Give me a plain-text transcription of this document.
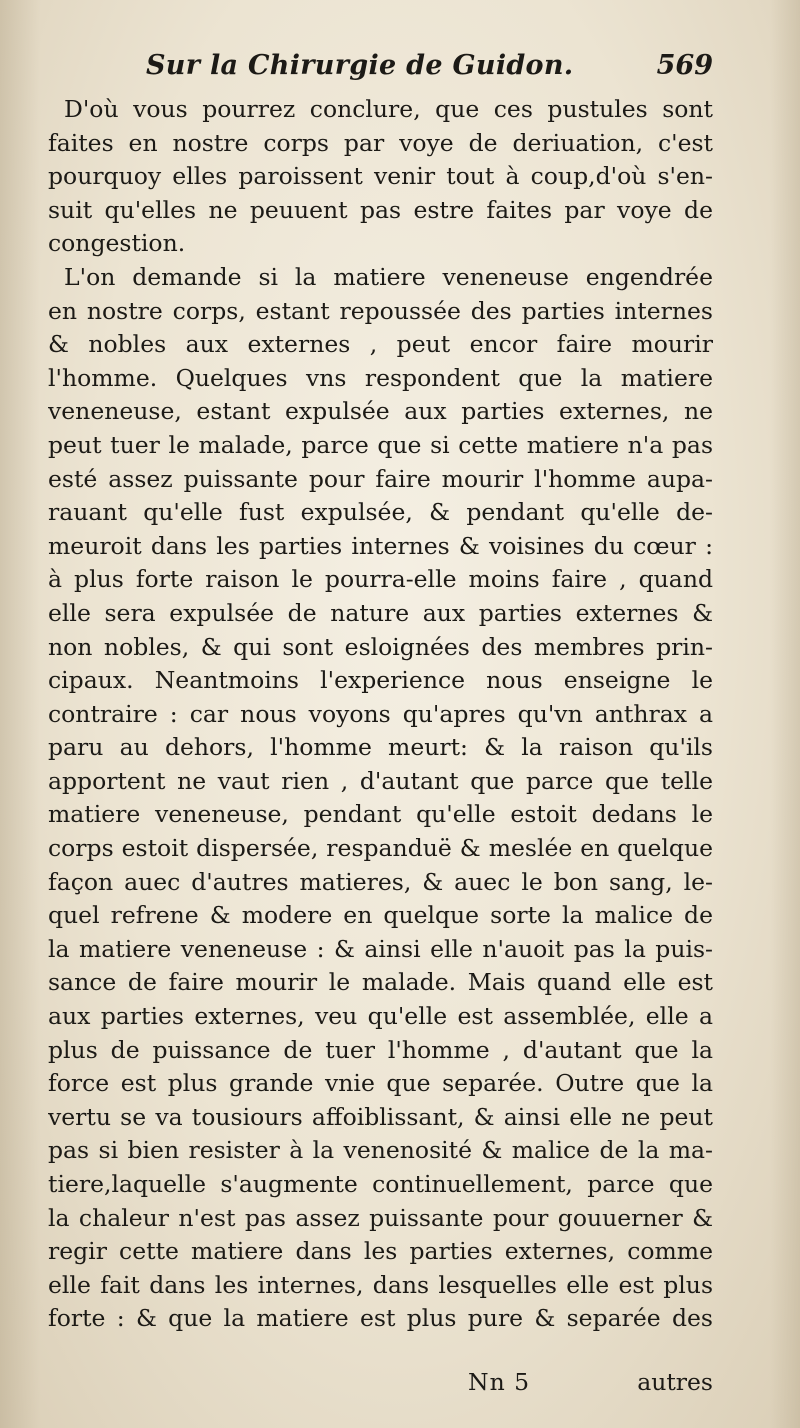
Sur la Chirurgie de Guidon.	569
D'où vous pourrez conclure, que ces pustules sont
faites en nostre corps par voye de deriuation, c'est
pourquoy elles paroissent venir tout à coup,d'où s'en-
suit qu'elles ne peuuent pas estre faites par voye de
congestion.
L'on demande si la matiere veneneuse engendrée
en nostre corps, estant repoussée des parties internes
& nobles aux externes , peut encor faire mourir
l'homme. Quelques vns respondent que la matiere
veneneuse, estant expulsée aux parties externes, ne
peut tuer le malade, parce que si cette matiere n'a pas
esté assez puissante pour faire mourir l'homme aupa-
rauant qu'elle fust expulsée, & pendant qu'elle de-
meuroit dans les parties internes & voisines du cœur :
à plus forte raison le pourra-elle moins faire , quand
elle sera expulsée de nature aux parties externes &
non nobles, & qui sont esloignées des membres prin-
cipaux. Neantmoins l'experience nous enseigne le
contraire : car nous voyons qu'apres qu'vn anthrax a
paru au dehors, l'homme meurt: & la raison qu'ils
apportent ne vaut rien , d'autant que parce que telle
matiere veneneuse, pendant qu'elle estoit dedans le
corps estoit dispersée, respanduë & meslée en quelque
façon auec d'autres matieres, & auec le bon sang, le-
quel refrene & modere en quelque sorte la malice de
la matiere veneneuse : & ainsi elle n'auoit pas la puis-
sance de faire mourir le malade. Mais quand elle est
aux parties externes, veu qu'elle est assemblée, elle a
plus de puissance de tuer l'homme , d'autant que la
force est plus grande vnie que separée. Outre que la
vertu se va tousiours affoiblissant, & ainsi elle ne peut
pas si bien resister à la venenosité & malice de la ma-
tiere,laquelle s'augmente continuellement, parce que
la chaleur n'est pas assez puissante pour gouuerner &
regir cette matiere dans les parties externes, comme
elle fait dans les internes, dans lesquelles elle est plus
forte : & que la matiere est plus pure & separée des
Nn 5	autres
